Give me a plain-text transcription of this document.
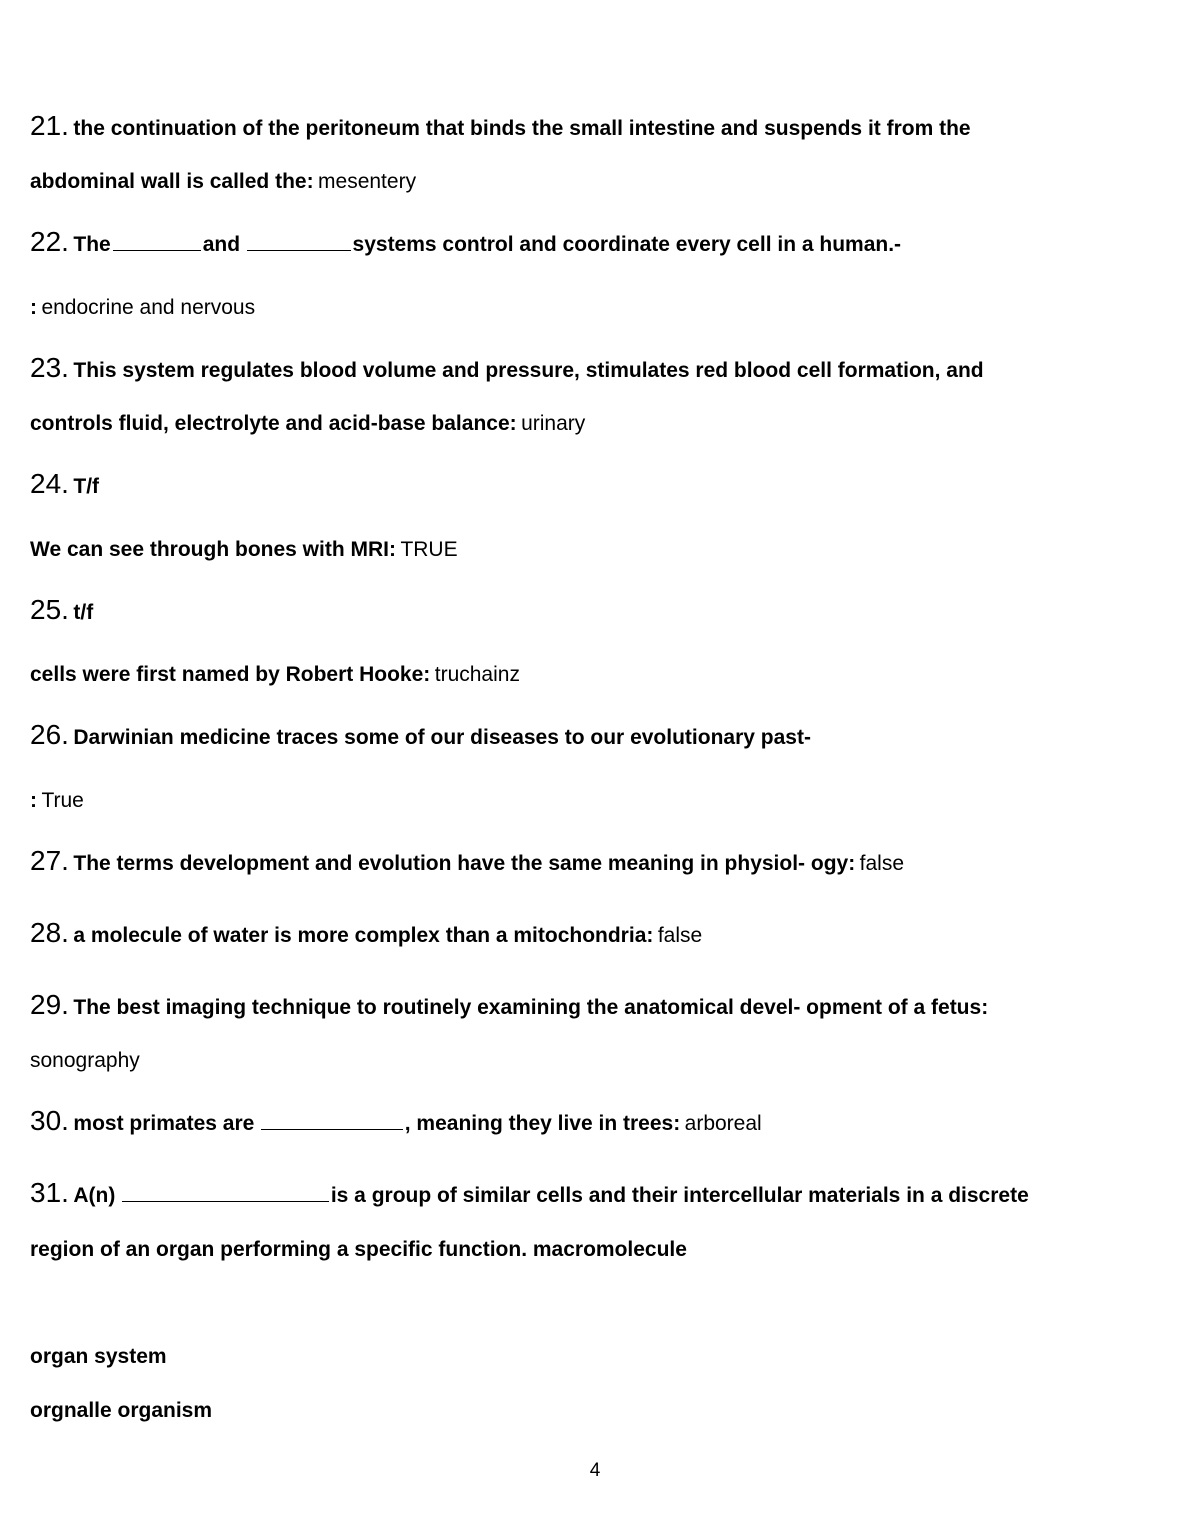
21. the continuation of the peritoneum that binds the small intestine and suspends it from the
abdominal wall is called the: mesentery
22. The	and	systems control and coordinate every cell in a human.-
: endocrine and nervous
23. This system regulates blood volume and pressure, stimulates red blood cell formation, and
controls fluid, electrolyte and acid-base balance: urinary
24. T/f
We can see through bones with MRI: TRUE
25. t/f
cells were first named by Robert Hooke: truchainz
26. Darwinian medicine traces some of our diseases to our evolutionary past-
: True
27. The terms development and evolution have the same meaning in physiol- ogy: false
28. a molecule of water is more complex than a mitochondria: false
29. The best imaging technique to routinely examining the anatomical devel- opment of a fetus:
sonography
30. most primates are	, meaning they live in trees: arboreal
31. A(n)	is a group of similar cells and their intercellular materials in a discrete
region of an organ performing a specific function. macromolecule
organ system
orgnalle organism
4
